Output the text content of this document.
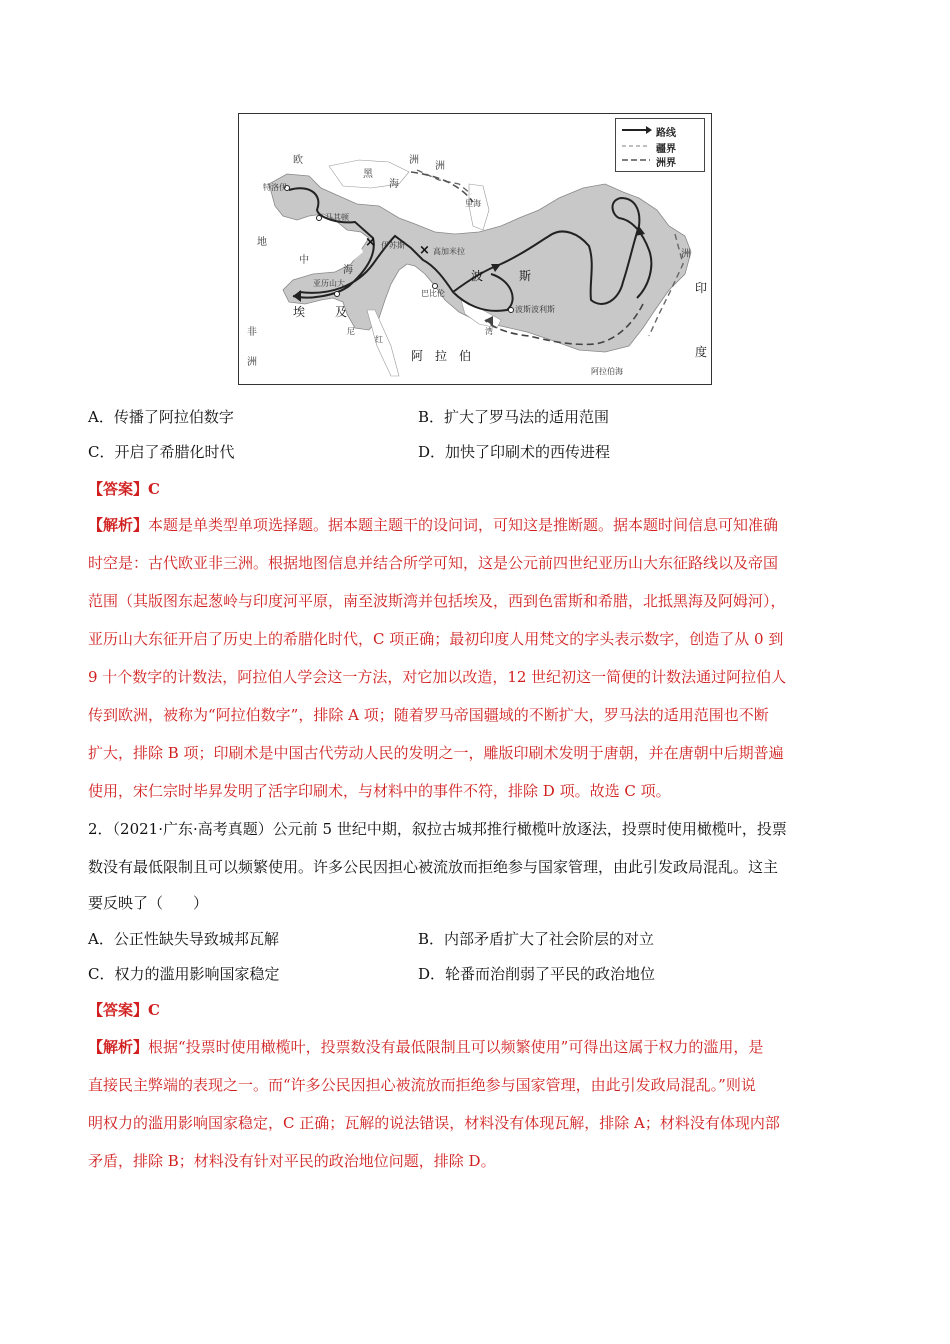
×
×
路线
疆界
洲界
欧	洲
洲
黑
海
特洛伊
马其顿
地
中
海
伊苏斯
高加米拉
亚历山大
埃 及
巴比伦
波斯波利斯
波	斯
里海
阿 拉 伯
非
洲
尼
红
湾
洲
印
度
阿拉伯海
A．传播了阿拉伯数字	B．扩大了罗马法的适用范围
C．开启了希腊化时代	D．加快了印刷术的西传进程
【答案】C
【解析】本题是单类型单项选择题。据本题主题干的设问词，可知这是推断题。据本题时间信息可知准确
时空是：古代欧亚非三洲。根据地图信息并结合所学可知，这是公元前四世纪亚历山大东征路线以及帝国
范围（其版图东起葱岭与印度河平原，南至波斯湾并包括埃及，西到色雷斯和希腊，北抵黑海及阿姆河），
亚历山大东征开启了历史上的希腊化时代，C 项正确；最初印度人用梵文的字头表示数字，创造了从 0 到
9 十个数字的计数法，阿拉伯人学会这一方法，对它加以改造，12 世纪初这一简便的计数法通过阿拉伯人
传到欧洲，被称为“阿拉伯数字”，排除 A 项；随着罗马帝国疆域的不断扩大，罗马法的适用范围也不断
扩大，排除 B 项；印刷术是中国古代劳动人民的发明之一，雕版印刷术发明于唐朝，并在唐朝中后期普遍
使用，宋仁宗时毕昇发明了活字印刷术，与材料中的事件不符，排除 D 项。故选 C 项。
2．（2021·广东·高考真题）公元前 5 世纪中期，叙拉古城邦推行橄榄叶放逐法，投票时使用橄榄叶，投票
数没有最低限制且可以频繁使用。许多公民因担心被流放而拒绝参与国家管理，由此引发政局混乱。这主
要反映了（　　）
A．公正性缺失导致城邦瓦解	B．内部矛盾扩大了社会阶层的对立
C．权力的滥用影响国家稳定	D．轮番而治削弱了平民的政治地位
【答案】C
【解析】根据“投票时使用橄榄叶，投票数没有最低限制且可以频繁使用”可得出这属于权力的滥用，是
直接民主弊端的表现之一。而“许多公民因担心被流放而拒绝参与国家管理，由此引发政局混乱。”则说
明权力的滥用影响国家稳定，C 正确；瓦解的说法错误，材料没有体现瓦解，排除 A；材料没有体现内部
矛盾，排除 B；材料没有针对平民的政治地位问题，排除 D。
